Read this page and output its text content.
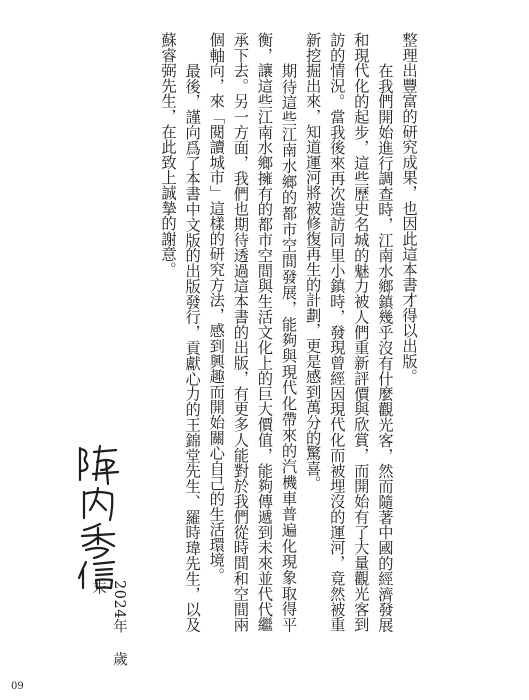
整理出豐富的研究成果，也因此這本書才得以出版。

在我們開始進行調查時，江南水鄉鎮幾乎沒有什麼觀光客，然而隨著中國的經濟發展和現代化的起步，這些歷史名城的魅力被人們重新評價與欣賞，而開始有了大量觀光客到訪的情況。當我後來再次造訪同里小鎮時，發現曾經因現代化而被埋沒的運河，竟然被重新挖掘出來，知道運河將被修復再生的計劃，更是感到萬分的驚喜。

期待這些江南水鄉的都市空間發展，能夠與現代化帶來的汽機車普遍化現象取得平衡，讓這些江南水鄉擁有的都市空間與生活文化上的巨大價值，能夠傳遞到未來並代代繼承下去。另一方面，我們也期待透過這本書的出版，有更多人能對於我們從時間和空間兩個軸向，來「閱讀城市」這樣的研究方法，感到興趣而開始關心自己的生活環境。

最後，謹向爲了本書中文版的出版發行，貢獻心力的王錦堂先生、羅時瑋先生，以及蘇睿弼先生，在此致上誠摯的謝意。

2024年歲末
09
